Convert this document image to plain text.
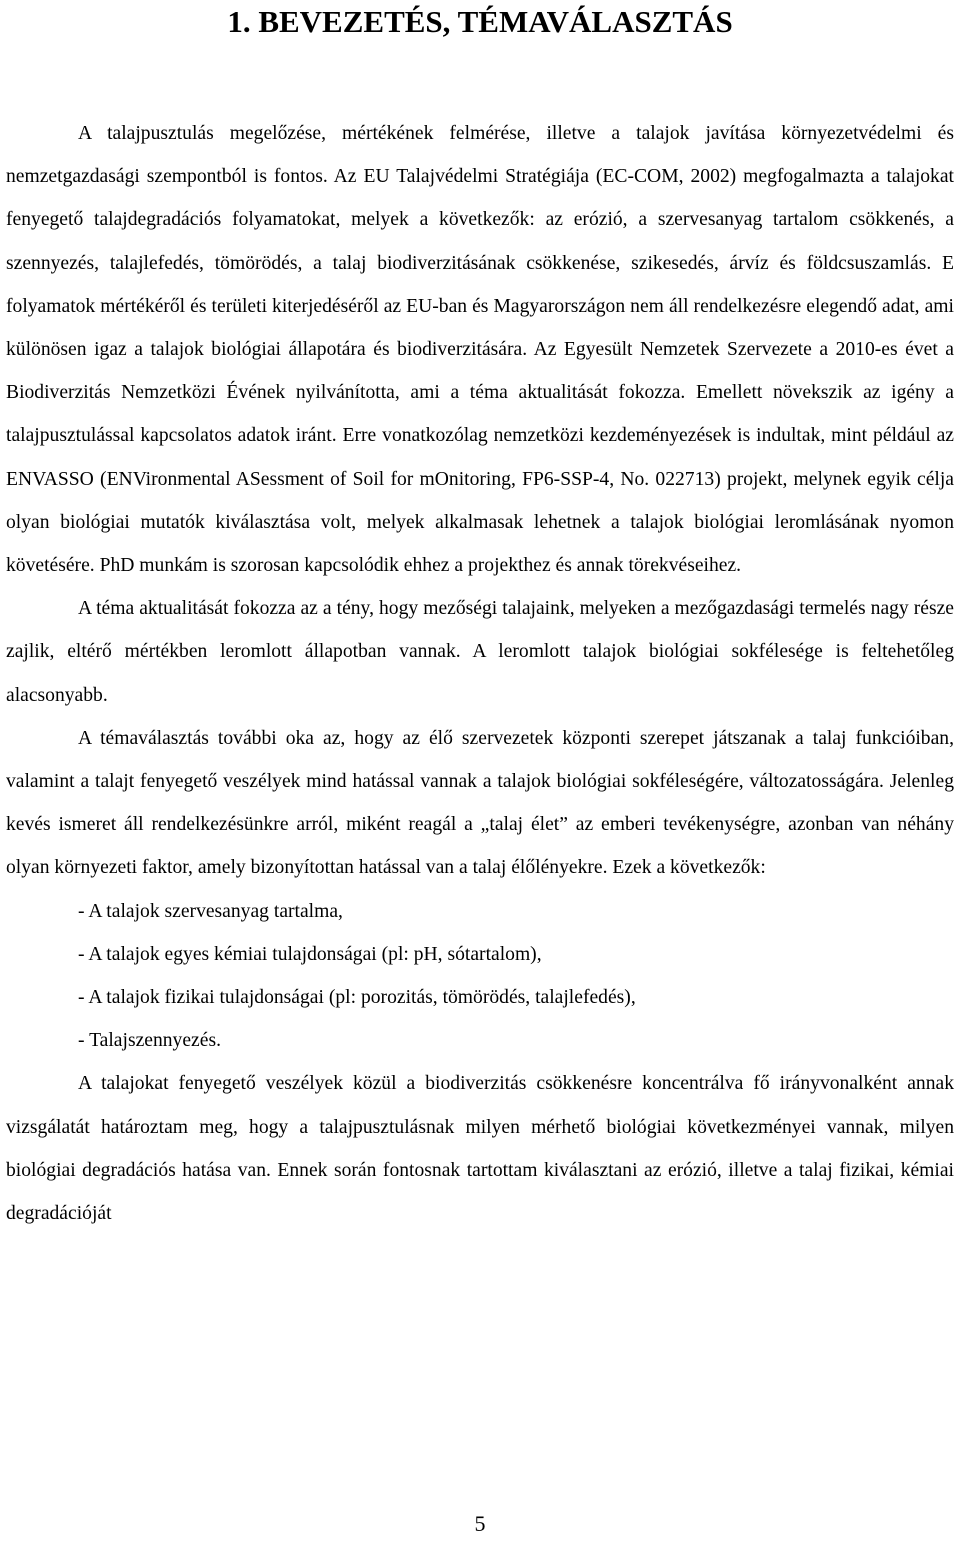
1. BEVEZETÉS, TÉMAVÁLASZTÁS

A talajpusztulás megelőzése, mértékének felmérése, illetve a talajok javítása környezetvédelmi és nemzetgazdasági szempontból is fontos. Az EU Talajvédelmi Stratégiája (EC-COM, 2002) megfogalmazta a talajokat fenyegető talajdegradációs folyamatokat, melyek a következők: az erózió, a szervesanyag tartalom csökkenés, a szennyezés, talajlefedés, tömörödés, a talaj biodiverzitásának csökkenése, szikesedés, árvíz és földcsuszamlás. E folyamatok mértékéről és területi kiterjedéséről az EU-ban és Magyarországon nem áll rendelkezésre elegendő adat, ami különösen igaz a talajok biológiai állapotára és biodiverzitására. Az Egyesült Nemzetek Szervezete a 2010-es évet a Biodiverzitás Nemzetközi Évének nyilvánította, ami a téma aktualitását fokozza. Emellett növekszik az igény a talajpusztulással kapcsolatos adatok iránt. Erre vonatkozólag nemzetközi kezdeményezések is indultak, mint például az ENVASSO (ENVironmental ASessment of Soil for mOnitoring, FP6-SSP-4, No. 022713) projekt, melynek egyik célja olyan biológiai mutatók kiválasztása volt, melyek alkalmasak lehetnek a talajok biológiai leromlásának nyomon követésére. PhD munkám is szorosan kapcsolódik ehhez a projekthez és annak törekvéseihez.

A téma aktualitását fokozza az a tény, hogy mezőségi talajaink, melyeken a mezőgazdasági termelés nagy része zajlik, eltérő mértékben leromlott állapotban vannak. A leromlott talajok biológiai sokfélesége is feltehetőleg alacsonyabb.

A témaválasztás további oka az, hogy az élő szervezetek központi szerepet játszanak a talaj funkcióiban, valamint a talajt fenyegető veszélyek mind hatással vannak a talajok biológiai sokféleségére, változatosságára. Jelenleg kevés ismeret áll rendelkezésünkre arról, miként reagál a „talaj élet” az emberi tevékenységre, azonban van néhány olyan környezeti faktor, amely bizonyítottan hatással van a talaj élőlényekre. Ezek a következők:

- A talajok szervesanyag tartalma,
- A talajok egyes kémiai tulajdonságai (pl: pH, sótartalom),
- A talajok fizikai tulajdonságai (pl: porozitás, tömörödés, talajlefedés),
- Talajszennyezés.

A talajokat fenyegető veszélyek közül a biodiverzitás csökkenésre koncentrálva fő irányvonalként annak vizsgálatát határoztam meg, hogy a talajpusztulásnak milyen mérhető biológiai következményei vannak, milyen biológiai degradációs hatása van. Ennek során fontosnak tartottam kiválasztani az erózió, illetve a talaj fizikai, kémiai degradációját

5
